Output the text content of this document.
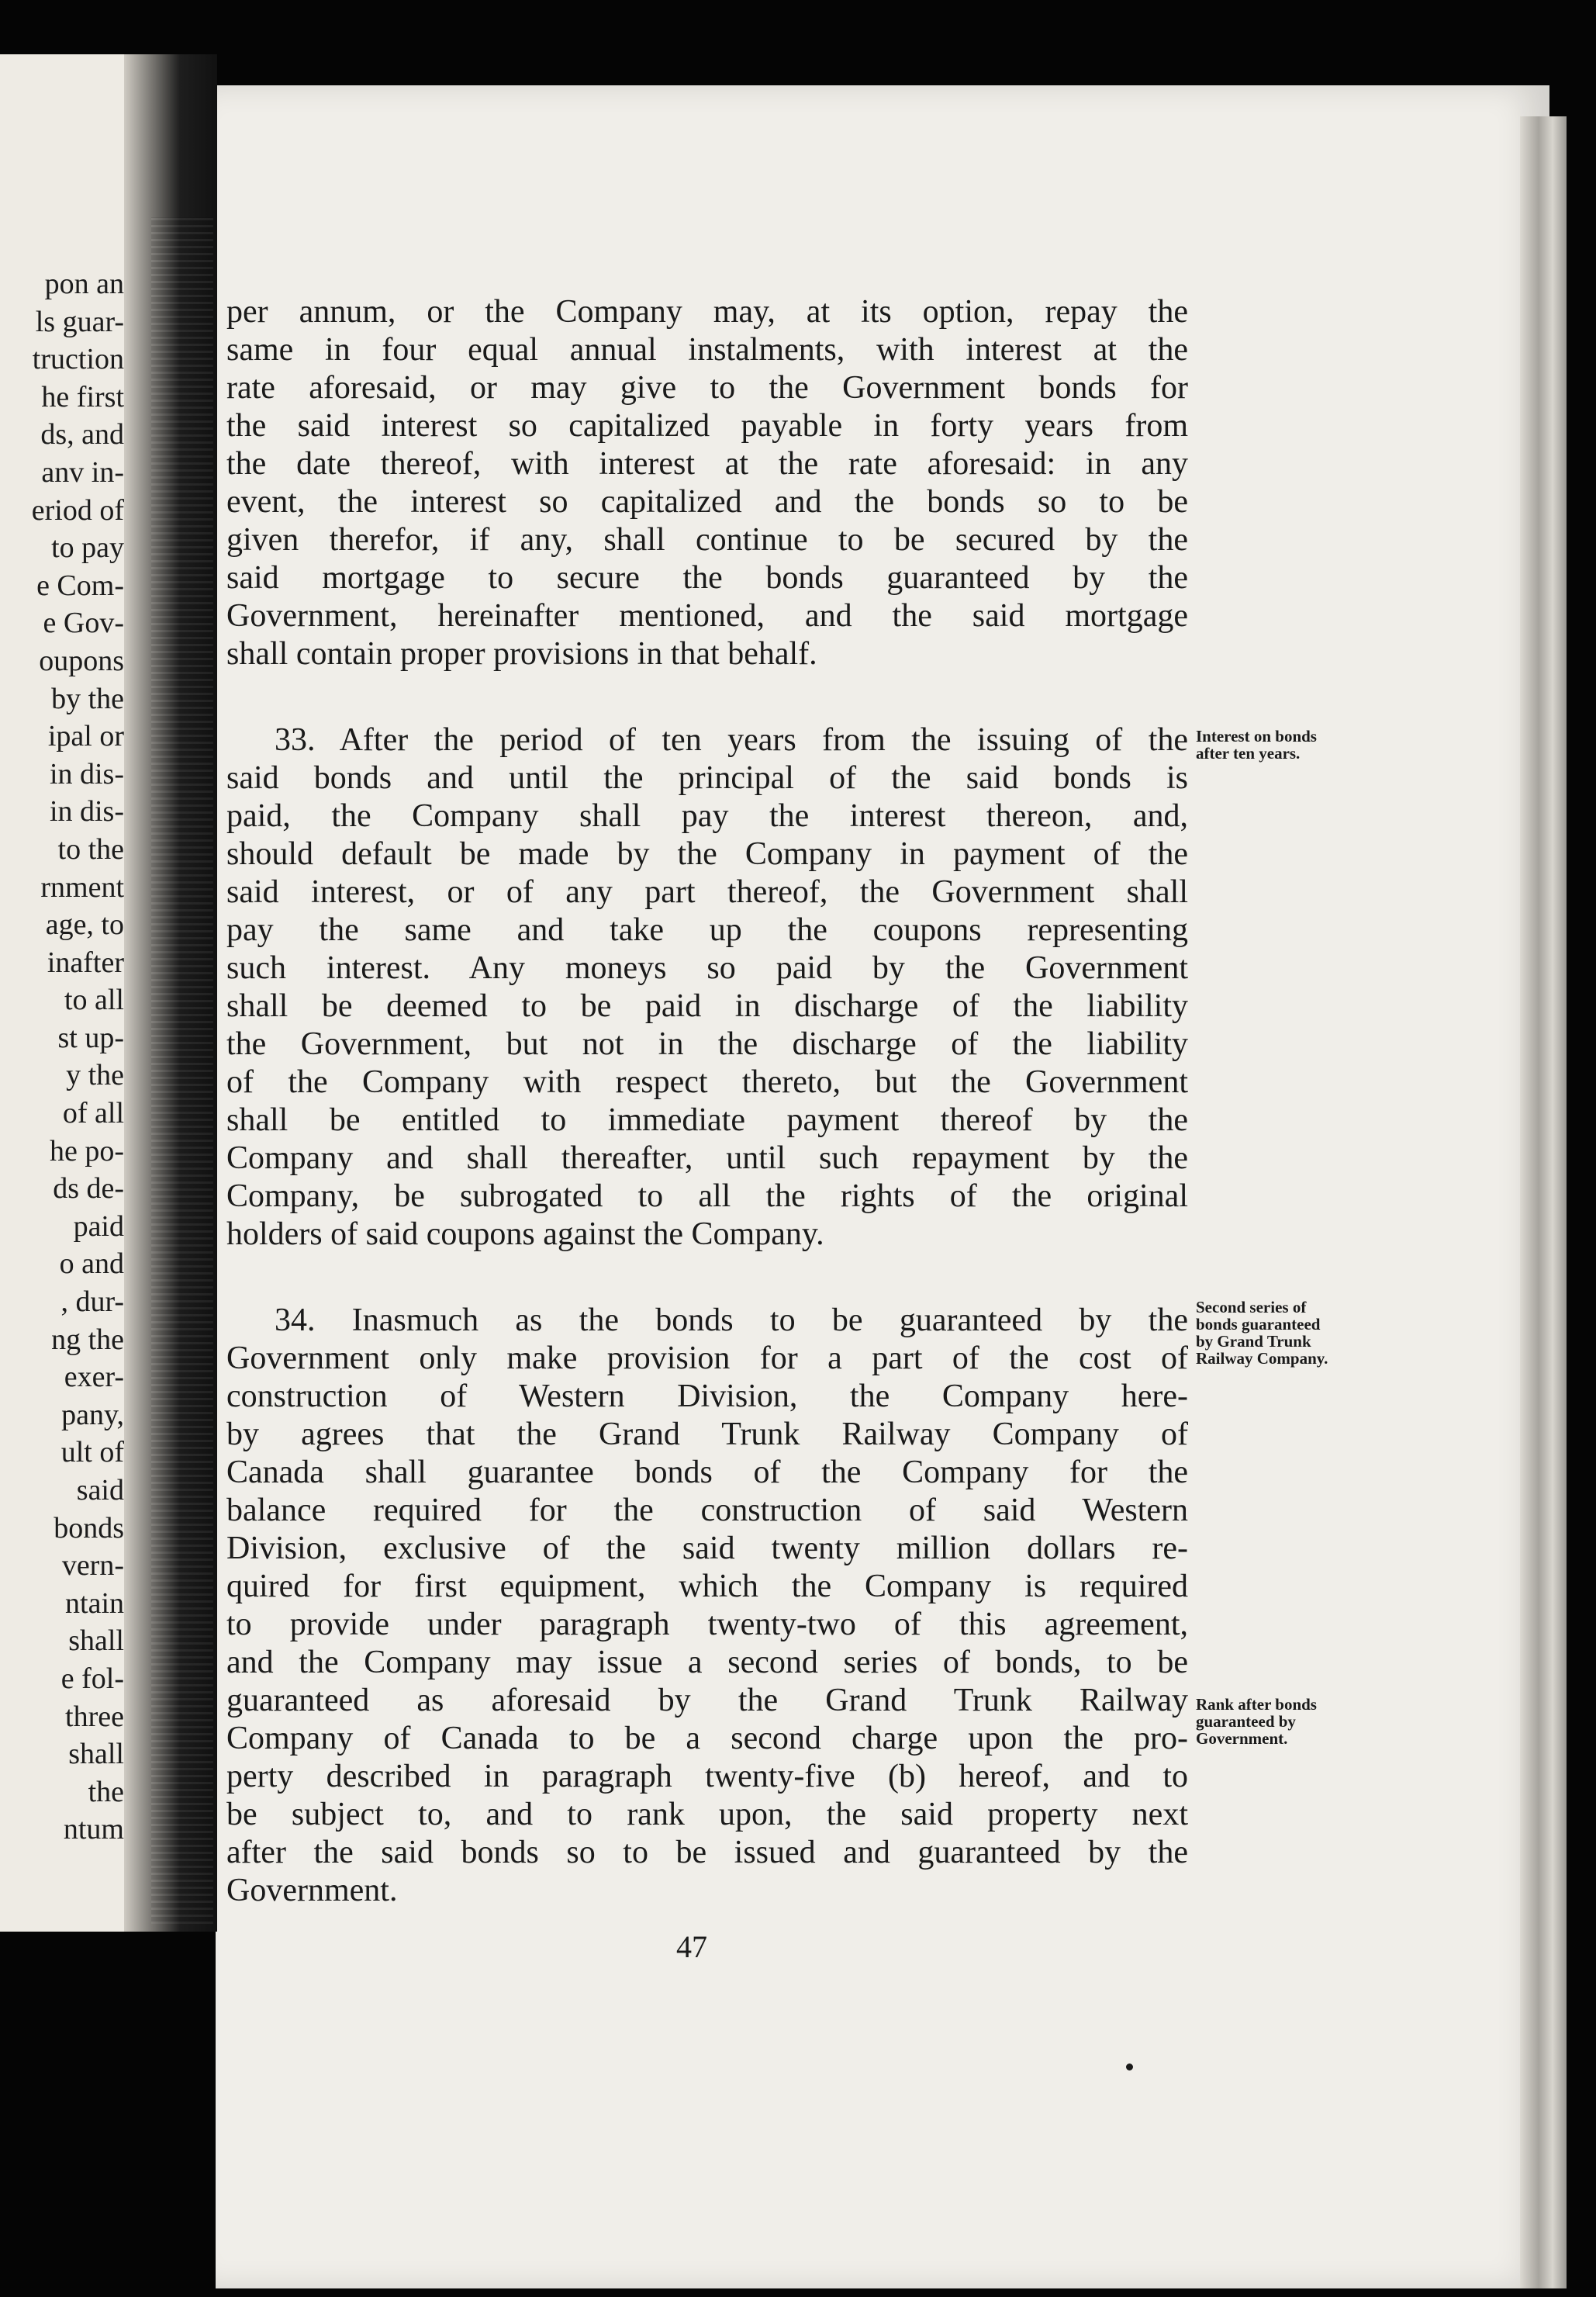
pon an
ls guar-
truction
he first
ds, and
anv in-
eriod of
to pay
e Com-
e Gov-
oupons
by the
ipal or
in dis-
in dis-
to the
rnment
age, to
inafter
to all
st up-
y the
of all
he po-
ds de-
paid
o and
, dur-
ng the
exer-
pany,
ult of
said
bonds
vern-
ntain
shall
e fol-
three
shall
the
ntum
per annum, or the Company may, at its option, repay the
same in four equal annual instalments, with interest at the
rate aforesaid, or may give to the Government bonds for
the said interest so capitalized payable in forty years from
the date thereof, with interest at the rate aforesaid: in any
event, the interest so capitalized and the bonds so to be
given therefor, if any, shall continue to be secured by the
said mortgage to secure the bonds guaranteed by the
Government, hereinafter mentioned, and the said mortgage
shall contain proper provisions in that behalf.
33. After the period of ten years from the issuing of the
said bonds and until the principal of the said bonds is
paid, the Company shall pay the interest thereon, and,
should default be made by the Company in payment of the
said interest, or of any part thereof, the Government shall
pay the same and take up the coupons representing
such interest. Any moneys so paid by the Government
shall be deemed to be paid in discharge of the liability
the Government, but not in the discharge of the liability
of the Company with respect thereto, but the Government
shall be entitled to immediate payment thereof by the
Company and shall thereafter, until such repayment by the
Company, be subrogated to all the rights of the original
holders of said coupons against the Company.
34. Inasmuch as the bonds to be guaranteed by the
Government only make provision for a part of the cost of
construction of Western Division, the Company here-
by agrees that the Grand Trunk Railway Company of
Canada shall guarantee bonds of the Company for the
balance required for the construction of said Western
Division, exclusive of the said twenty million dollars re-
quired for first equipment, which the Company is required
to provide under paragraph twenty-two of this agreement,
and the Company may issue a second series of bonds, to be
guaranteed as aforesaid by the Grand Trunk Railway
Company of Canada to be a second charge upon the pro-
perty described in paragraph twenty-five (b) hereof, and to
be subject to, and to rank upon, the said property next
after the said bonds so to be issued and guaranteed by the
Government.
Interest on bonds
after ten years.
Second series of
bonds guaranteed
by Grand Trunk
Railway Company.
Rank after bonds
guaranteed by
Government.
47
